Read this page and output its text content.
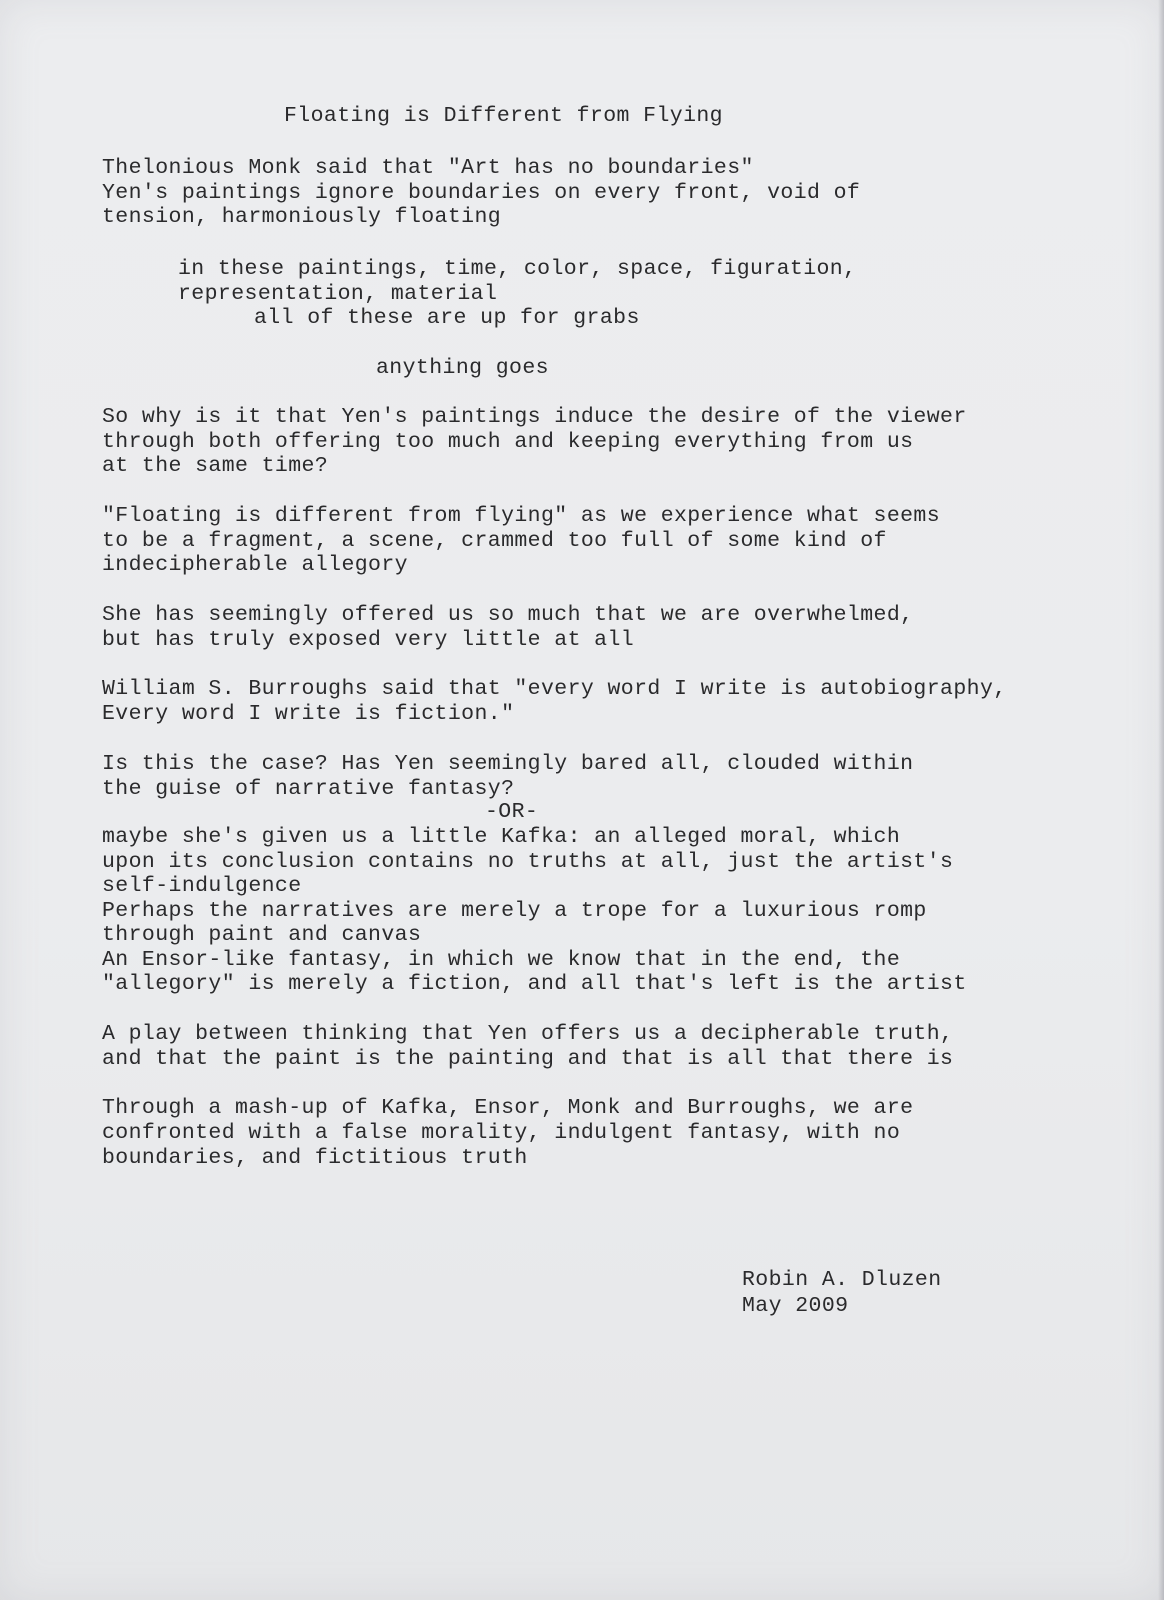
Floating is Different from Flying

Thelonious Monk said that "Art has no boundaries"

Yen's paintings ignore boundaries on every front, void of

tension, harmoniously floating

in these paintings, time, color, space, figuration,

representation, material

all of these are up for grabs

anything goes

So why is it that Yen's paintings induce the desire of the viewer

through both offering too much and keeping everything from us

at the same time?

"Floating is different from flying" as we experience what seems

to be a fragment, a scene, crammed too full of some kind of

indecipherable allegory

She has seemingly offered us so much that we are overwhelmed,

but has truly exposed very little at all

William S. Burroughs said that "every word I write is autobiography,

Every word I write is fiction."

Is this the case? Has Yen seemingly bared all, clouded within

the guise of narrative fantasy?

-OR-

maybe she's given us a little Kafka: an alleged moral, which

upon its conclusion contains no truths at all, just the artist's

self-indulgence

Perhaps the narratives are merely a trope for a luxurious romp

through paint and canvas

An Ensor-like fantasy, in which we know that in the end, the

"allegory" is merely a fiction, and all that's left is the artist

A play between thinking that Yen offers us a decipherable truth,

and that the paint is the painting and that is all that there is

Through a mash-up of Kafka, Ensor, Monk and Burroughs, we are

confronted with a false morality, indulgent fantasy, with no

boundaries, and fictitious truth

Robin A. Dluzen

May 2009
